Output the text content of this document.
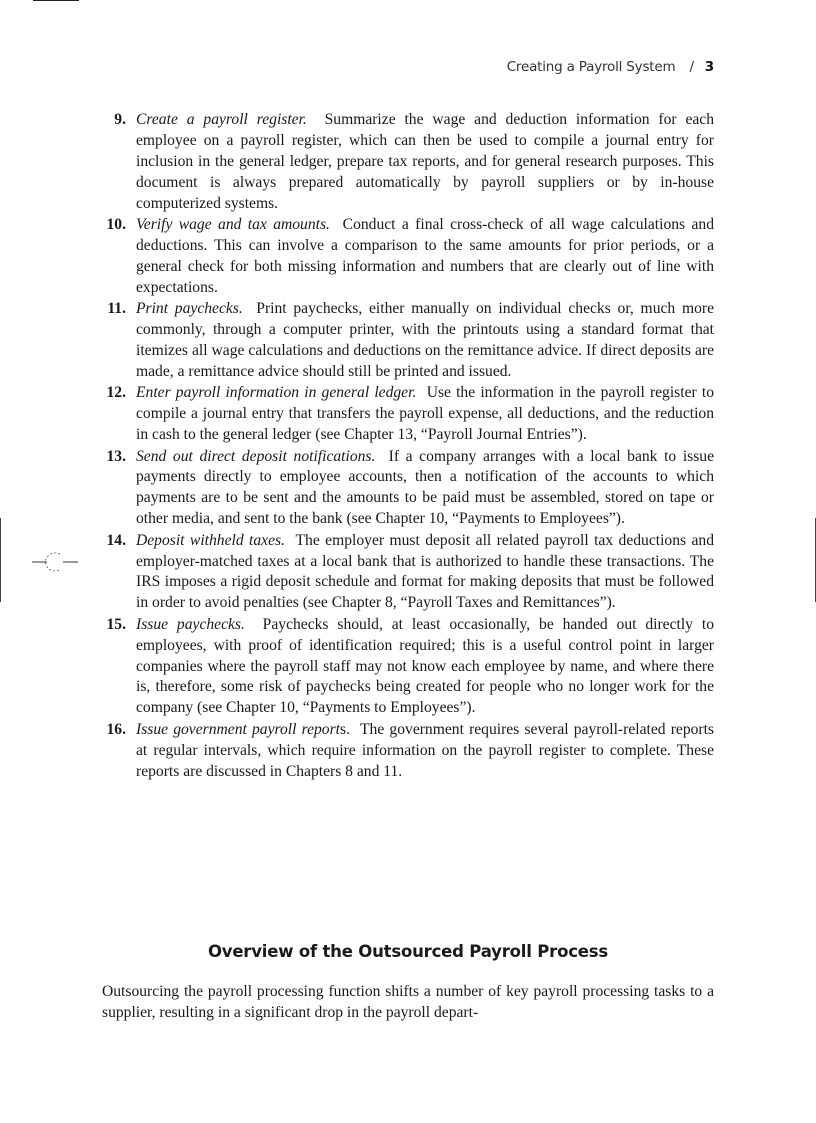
Creating a Payroll System / 3
9. Create a payroll register. Summarize the wage and deduction information for each employee on a payroll register, which can then be used to compile a journal entry for inclusion in the general ledger, prepare tax reports, and for general research purposes. This document is always prepared automatically by payroll suppliers or by in-house computerized systems.
10. Verify wage and tax amounts. Conduct a final cross-check of all wage calculations and deductions. This can involve a comparison to the same amounts for prior periods, or a general check for both missing information and numbers that are clearly out of line with expectations.
11. Print paychecks. Print paychecks, either manually on individual checks or, much more commonly, through a computer printer, with the printouts using a standard format that itemizes all wage calculations and deductions on the remittance advice. If direct deposits are made, a remittance advice should still be printed and issued.
12. Enter payroll information in general ledger. Use the information in the payroll register to compile a journal entry that transfers the payroll expense, all deductions, and the reduction in cash to the general ledger (see Chapter 13, “Payroll Journal Entries”).
13. Send out direct deposit notifications. If a company arranges with a local bank to issue payments directly to employee accounts, then a notification of the accounts to which payments are to be sent and the amounts to be paid must be assembled, stored on tape or other media, and sent to the bank (see Chapter 10, “Payments to Employees”).
14. Deposit withheld taxes. The employer must deposit all related payroll tax deductions and employer-matched taxes at a local bank that is authorized to handle these transactions. The IRS imposes a rigid deposit schedule and format for making deposits that must be followed in order to avoid penalties (see Chapter 8, “Payroll Taxes and Remittances”).
15. Issue paychecks. Paychecks should, at least occasionally, be handed out directly to employees, with proof of identification required; this is a useful control point in larger companies where the payroll staff may not know each employee by name, and where there is, therefore, some risk of paychecks being created for people who no longer work for the company (see Chapter 10, “Payments to Employees”).
16. Issue government payroll reports. The government requires several payroll-related reports at regular intervals, which require information on the payroll register to complete. These reports are discussed in Chapters 8 and 11.
Overview of the Outsourced Payroll Process

Outsourcing the payroll processing function shifts a number of key payroll processing tasks to a supplier, resulting in a significant drop in the payroll depart-
